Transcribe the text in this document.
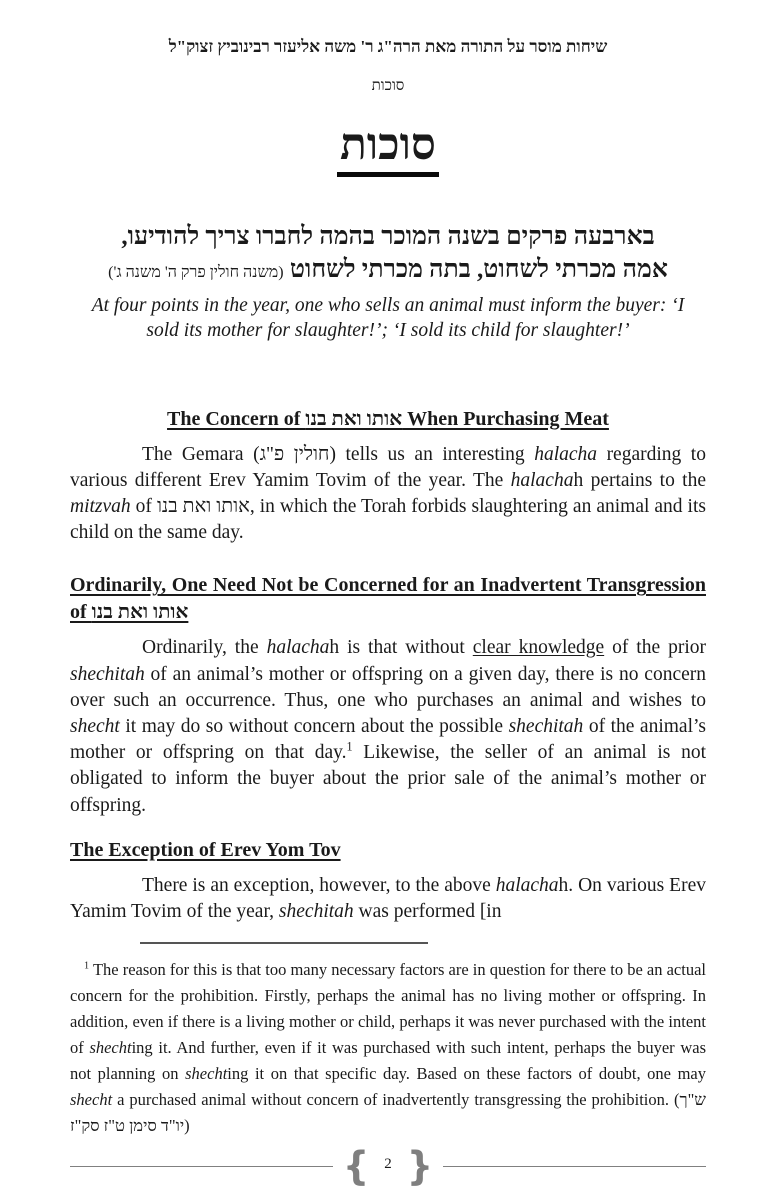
שיחות מוסר על התורה מאת הרה"ג ר' משה אליעזר רבינוביץ זצוק"ל
סוכות
סוכות
בארבעה פרקים בשנה המוכר בהמה לחברו צריך להודיעו,
אמה מכרתי לשחוט, בתה מכרתי לשחוט (משנה חולין פרק ה' משנה ג')
At four points in the year, one who sells an animal must inform the buyer: ‘I sold its mother for slaughter!’; ‘I sold its child for slaughter!’
The Concern of אותו ואת בנו When Purchasing Meat

The Gemara (חולין פ"ג) tells us an interesting halacha regarding to various different Erev Yamim Tovim of the year. The halachah pertains to the mitzvah of אותו ואת בנו, in which the Torah forbids slaughtering an animal and its child on the same day.

Ordinarily, One Need Not be Concerned for an Inadvertent Transgression of אותו ואת בנו

Ordinarily, the halachah is that without clear knowledge of the prior shechitah of an animal’s mother or offspring on a given day, there is no concern over such an occurrence. Thus, one who purchases an animal and wishes to shecht it may do so without concern about the possible shechitah of the animal’s mother or offspring on that day.$^1$ Likewise, the seller of an animal is not obligated to inform the buyer about the prior sale of the animal’s mother or offspring.

The Exception of Erev Yom Tov

There is an exception, however, to the above halachah. On various Erev Yamim Tovim of the year, shechitah was performed [in

$^1$ The reason for this is that too many necessary factors are in question for there to be an actual concern for the prohibition. Firstly, perhaps the animal has no living mother or offspring. In addition, even if there is a living mother or child, perhaps it was never purchased with the intent of shechting it. And further, even if it was purchased with such intent, perhaps the buyer was not planning on shechting it on that specific day. Based on these factors of doubt, one may shecht a purchased animal without concern of inadvertently transgressing the prohibition. (ש"ך יו"ד סימן ט"ז סק"ז)
{ 2 }
